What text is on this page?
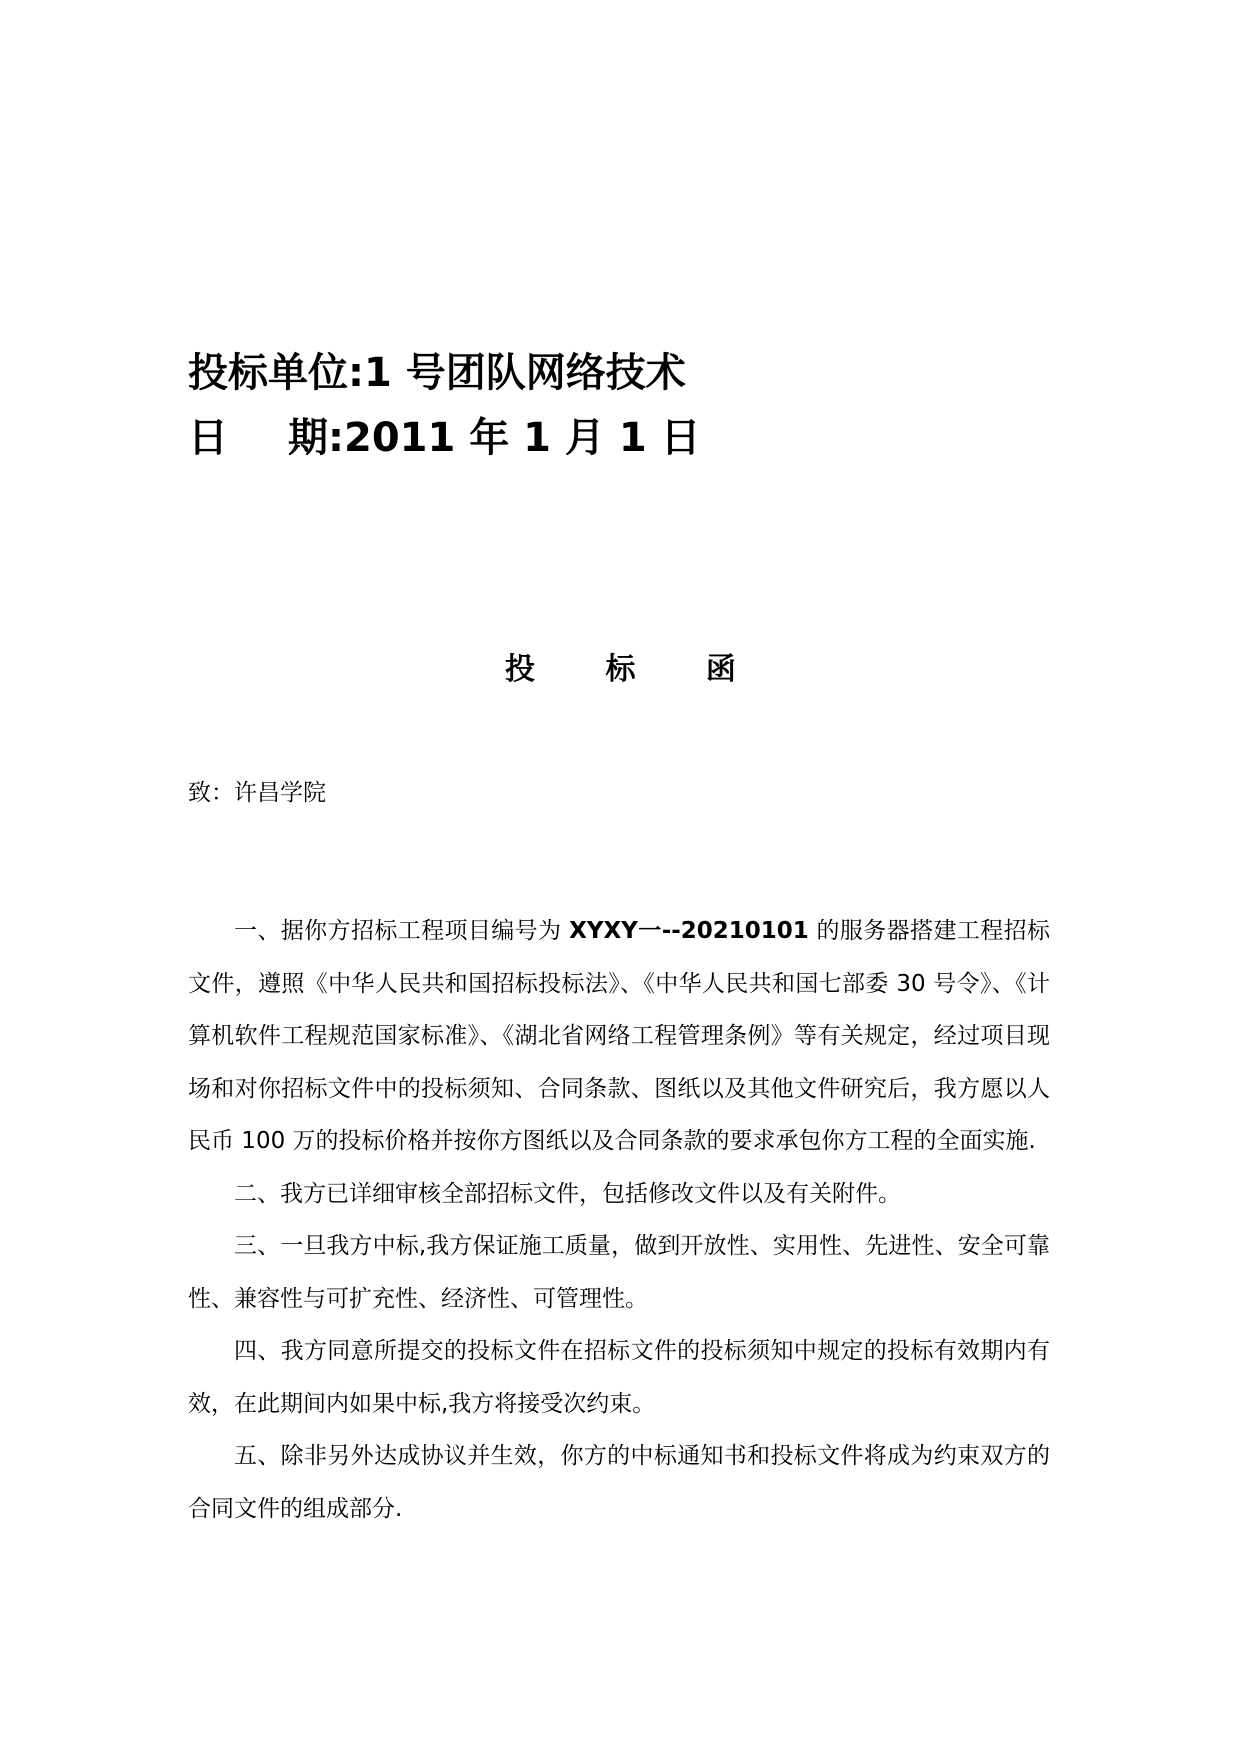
投标单位:1 号团队网络技术
日 期:2011 年 1 月 1 日
投 标 函
致：许昌学院

一、据你方招标工程项目编号为 XYXY一--20210101 的服务器搭建工程招标文件，遵照《中华人民共和国招标投标法》、《中华人民共和国七部委 30 号令》、《计算机软件工程规范国家标准》、《湖北省网络工程管理条例》等有关规定，经过项目现场和对你招标文件中的投标须知、合同条款、图纸以及其他文件研究后，我方愿以人民币 100 万的投标价格并按你方图纸以及合同条款的要求承包你方工程的全面实施.

二、我方已详细审核全部招标文件，包括修改文件以及有关附件。

三、一旦我方中标,我方保证施工质量，做到开放性、实用性、先进性、安全可靠性、兼容性与可扩充性、经济性、可管理性。

四、我方同意所提交的投标文件在招标文件的投标须知中规定的投标有效期内有效，在此期间内如果中标,我方将接受次约束。

五、除非另外达成协议并生效，你方的中标通知书和投标文件将成为约束双方的合同文件的组成部分.
